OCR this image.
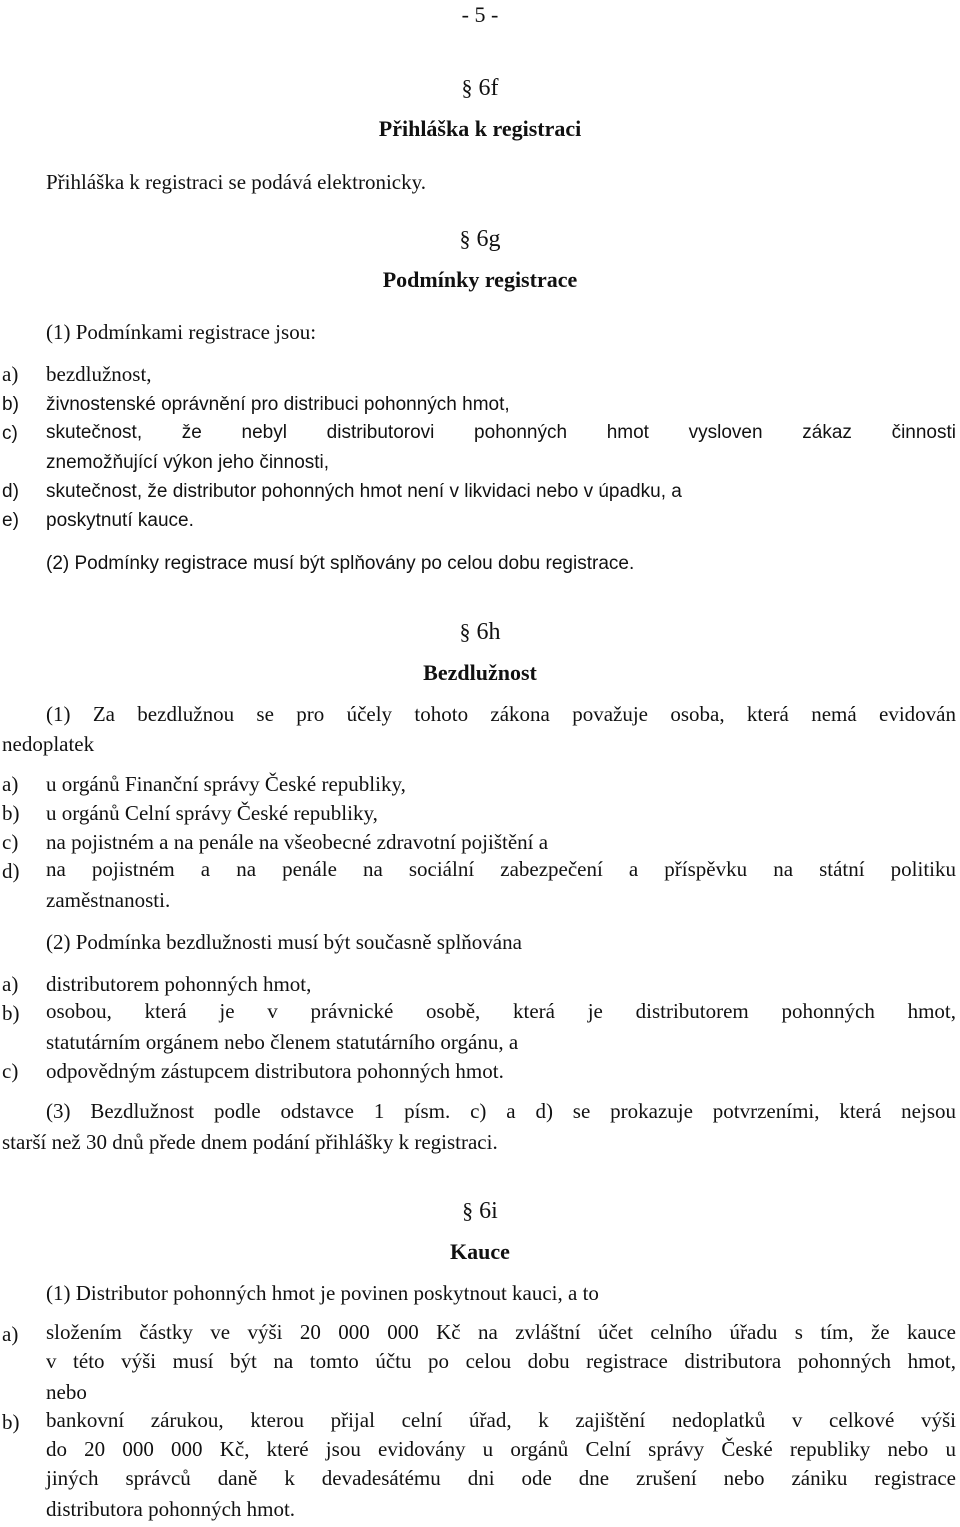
- 5 -
§ 6f
Přihláška k registraci
Přihláška k registraci se podává elektronicky.
§ 6g
Podmínky registrace
(1) Podmínkami registrace jsou:
a) bezdlužnost,
b) živnostenské oprávnění pro distribuci pohonných hmot,
c) skutečnost, že nebyl distributorovi pohonných hmot vysloven zákaz činnosti
znemožňující výkon jeho činnosti,
d) skutečnost, že distributor pohonných hmot není v likvidaci nebo v úpadku, a
e) poskytnutí kauce.
(2) Podmínky registrace musí být splňovány po celou dobu registrace.
§ 6h
Bezdlužnost
(1) Za bezdlužnou se pro účely tohoto zákona považuje osoba, která nemá evidován
nedoplatek
a) u orgánů Finanční správy České republiky,
b) u orgánů Celní správy České republiky,
c) na pojistném a na penále na všeobecné zdravotní pojištění a
d) na pojistném a na penále na sociální zabezpečení a příspěvku na státní politiku
zaměstnanosti.
(2) Podmínka bezdlužnosti musí být současně splňována
a) distributorem pohonných hmot,
b) osobou, která je v právnické osobě, která je distributorem pohonných hmot,
statutárním orgánem nebo členem statutárního orgánu, a
c) odpovědným zástupcem distributora pohonných hmot.
(3) Bezdlužnost podle odstavce 1 písm. c) a d) se prokazuje potvrzeními, která nejsou
starší než 30 dnů přede dnem podání přihlášky k registraci.
§ 6i
Kauce
(1) Distributor pohonných hmot je povinen poskytnout kauci, a to
a) složením částky ve výši 20 000 000 Kč na zvláštní účet celního úřadu s tím, že kauce
v této výši musí být na tomto účtu po celou dobu registrace distributora pohonných hmot,
nebo
b) bankovní zárukou, kterou přijal celní úřad, k zajištění nedoplatků v celkové výši
do 20 000 000 Kč, které jsou evidovány u orgánů Celní správy České republiky nebo u
jiných správců daně k devadesátému dni ode dne zrušení nebo zániku registrace
distributora pohonných hmot.
